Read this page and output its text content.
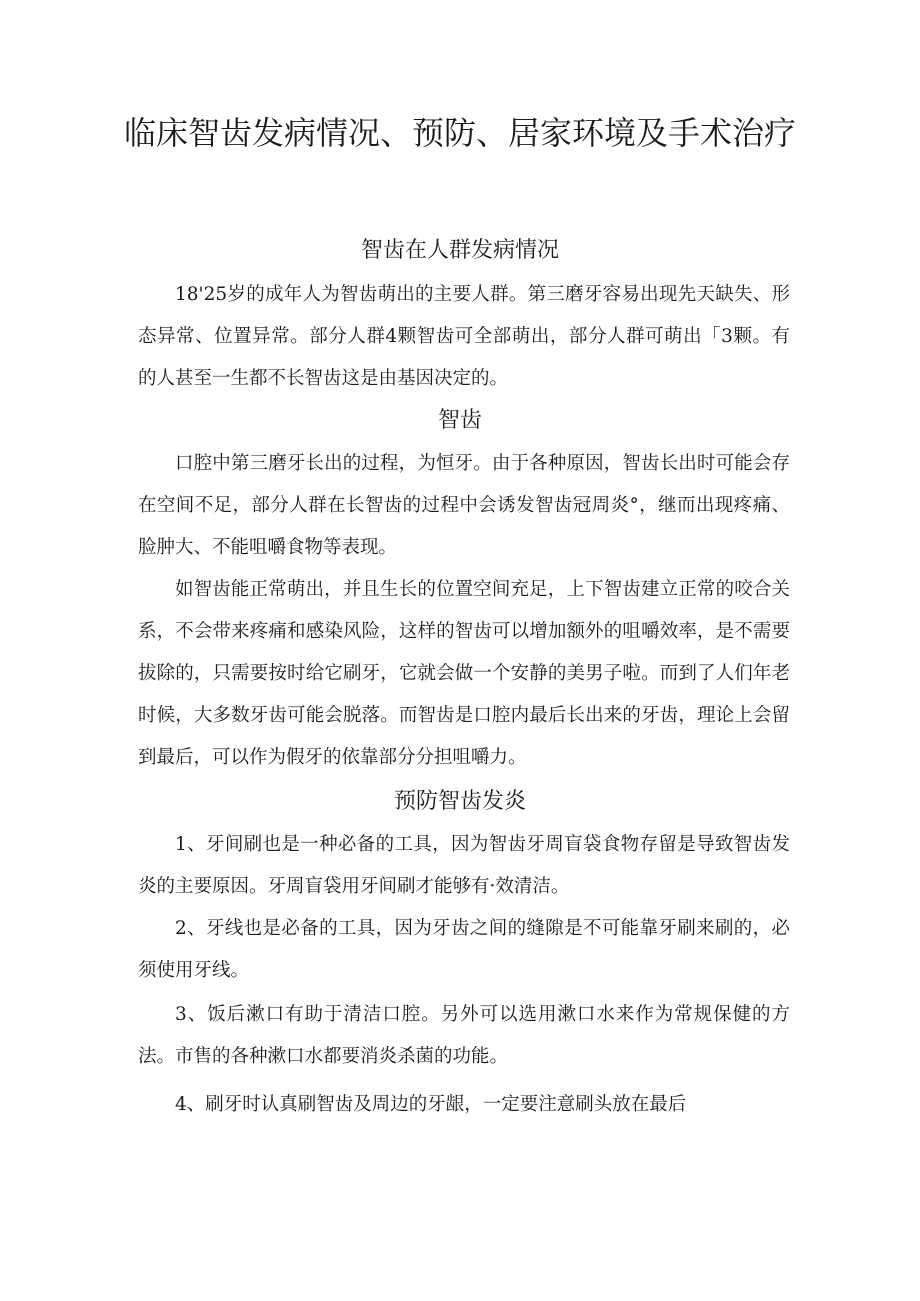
临床智齿发病情况、预防、居家环境及手术治疗
智齿在人群发病情况

18'25岁的成年人为智齿萌出的主要人群。第三磨牙容易出现先天缺失、形态异常、位置异常。部分人群4颗智齿可全部萌出，部分人群可萌出「3颗。有的人甚至一生都不长智齿这是由基因决定的。

智齿

口腔中第三磨牙长出的过程，为恒牙。由于各种原因，智齿长出时可能会存在空间不足，部分人群在长智齿的过程中会诱发智齿冠周炎°，继而出现疼痛、脸肿大、不能咀嚼食物等表现。

如智齿能正常萌出，并且生长的位置空间充足，上下智齿建立正常的咬合关系，不会带来疼痛和感染风险，这样的智齿可以增加额外的咀嚼效率，是不需要拔除的，只需要按时给它刷牙，它就会做一个安静的美男子啦。而到了人们年老时候，大多数牙齿可能会脱落。而智齿是口腔内最后长出来的牙齿，理论上会留到最后，可以作为假牙的依靠部分分担咀嚼力。

预防智齿发炎

1、牙间刷也是一种必备的工具，因为智齿牙周盲袋食物存留是导致智齿发炎的主要原因。牙周盲袋用牙间刷才能够有·效清洁。

2、牙线也是必备的工具，因为牙齿之间的缝隙是不可能靠牙刷来刷的，必须使用牙线。

3、饭后漱口有助于清洁口腔。另外可以选用漱口水来作为常规保健的方法。市售的各种漱口水都要消炎杀菌的功能。

4、刷牙时认真刷智齿及周边的牙龈，一定要注意刷头放在最后
